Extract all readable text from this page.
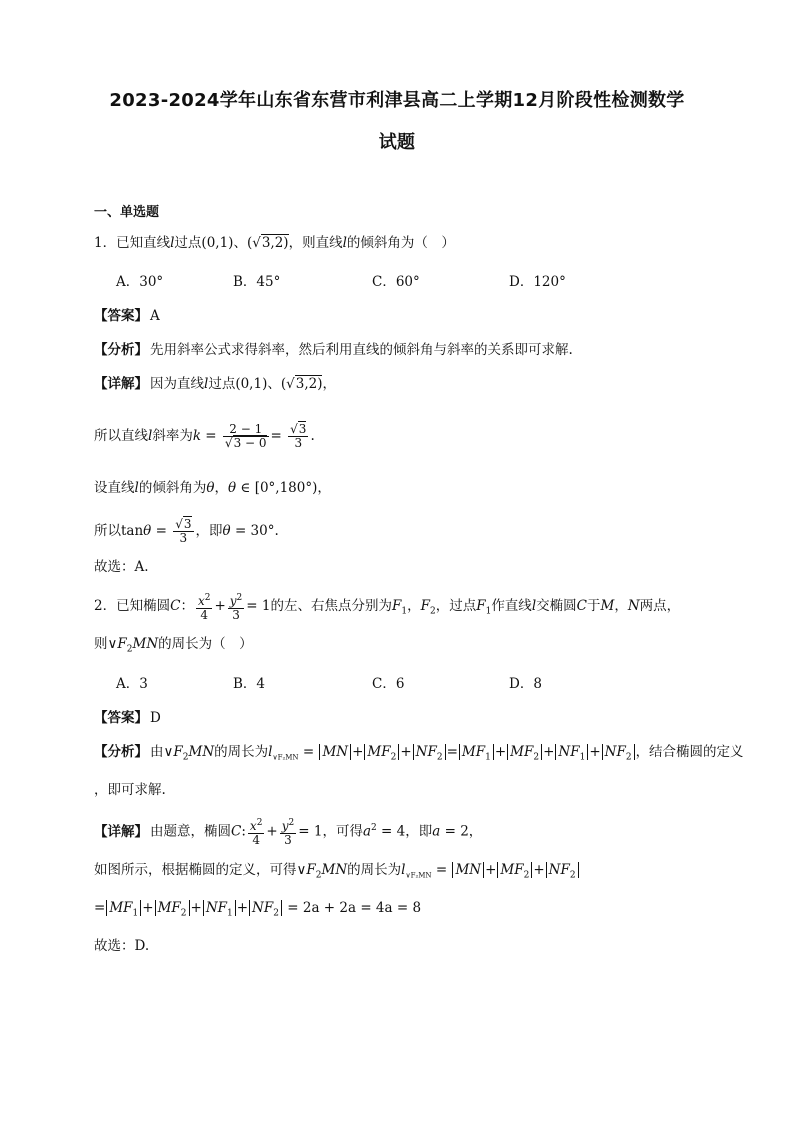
2023-2024学年山东省东营市利津县高二上学期12月阶段性检测数学
试题
一、单选题
1．已知直线l过点(0,1)、(√3,2)，则直线l的倾斜角为（　）
A．30°	B．45°	C．60°	D．120°
【答案】 A
【分析】 先用斜率公式求得斜率，然后利用直线的倾斜角与斜率的关系即可求解.
【详解】 因为直线l过点(0,1)、(√3,2)，
所以直线l斜率为$k = \frac{2 - 1}{√3 - 0} = \frac{√3}{3}$ .
设直线l的倾斜角为θ，θ ∈ [0°,180°)，
所以$\tan\theta = \frac{√3}{3}$ ，即θ = 30°.
故选：A.
2．已知椭圆C： $\frac{x^2}{4} + \frac{y^2}{3} = 1$的左、右焦点分别为$F_1$，$F_2$，过点$F_1$作直线l交椭圆C于M，N两点，
则$\vee F_2MN$的周长为（　）
A．3	B．4	C．6	D．8
【答案】 D
【分析】 由$\vee F_2MN$的周长为$l_{\vee F_2MN}$ = MN + $MF_2 + NF_2 = MF_1 + MF_2 + NF_1 + NF_2$ ，结合椭圆的定义
，即可求解.
【详解】 由题意，椭圆C: $\frac{x^2}{4} + \frac{y^2}{3} = 1$，可得$a^2 = 4$，即a = 2，
如图所示，根据椭圆的定义，可得$\vee F_2MN$的周长为$l_{\vee F_2MN}$ = MN + $MF_2 + NF_2$
= $MF_1 + MF_2 + NF_1 + NF_2 = 2a + 2a = 4a = 8$
故选：D.
